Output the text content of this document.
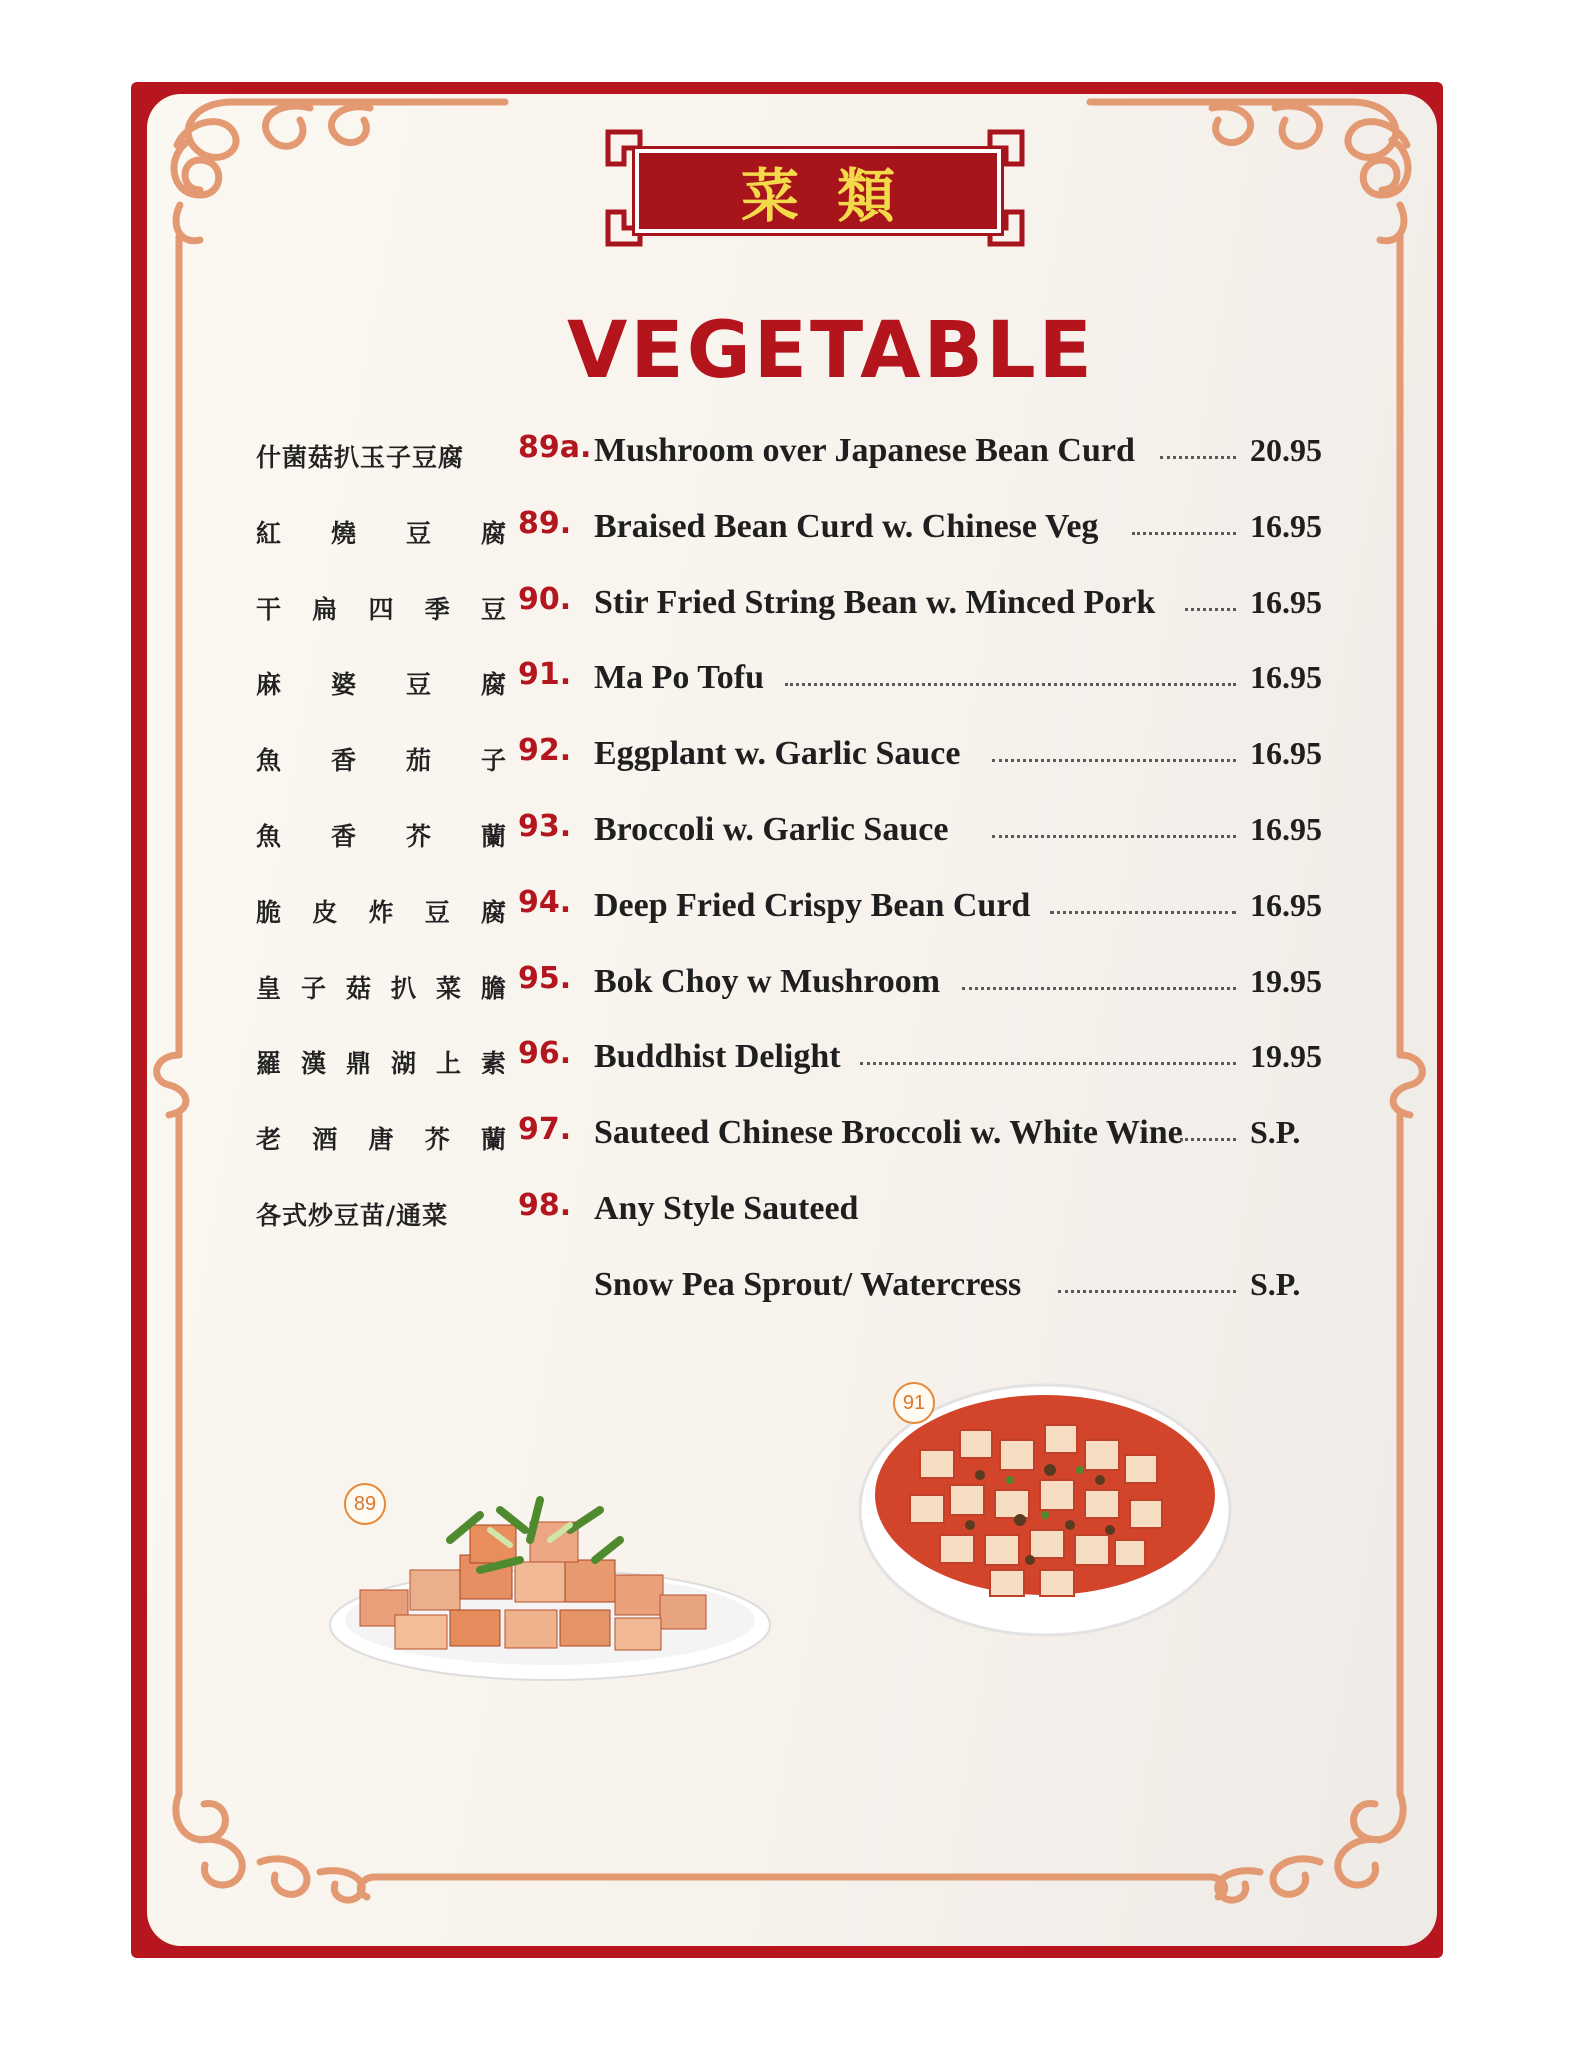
菜類
VEGETABLE
什菌菇扒玉子豆腐	89a. Mushroom over Japanese Bean Curd	20.95
紅 燒 豆 腐 89. Braised Bean Curd w. Chinese Veg	16.95
干 扁 四 季 豆 90. Stir Fried String Bean w. Minced Pork	16.95
麻 婆 豆 腐 91. Ma Po Tofu	16.95
魚 香 茄 子 92. Eggplant w. Garlic Sauce	16.95
魚 香 芥 蘭 93. Broccoli w. Garlic Sauce	16.95
脆 皮 炸 豆 腐 94. Deep Fried Crispy Bean Curd	16.95
皇 子 菇 扒 菜 膽 95. Bok Choy w Mushroom	19.95
羅 漢 鼎 湖 上 素 96. Buddhist Delight	19.95
老 酒 唐 芥 蘭 97. Sauteed Chinese Broccoli w. White Wine S.P.
各式炒豆苗/通菜	98. Any Style Sauteed
Snow Pea Sprout/ Watercress	S.P.
89
91
